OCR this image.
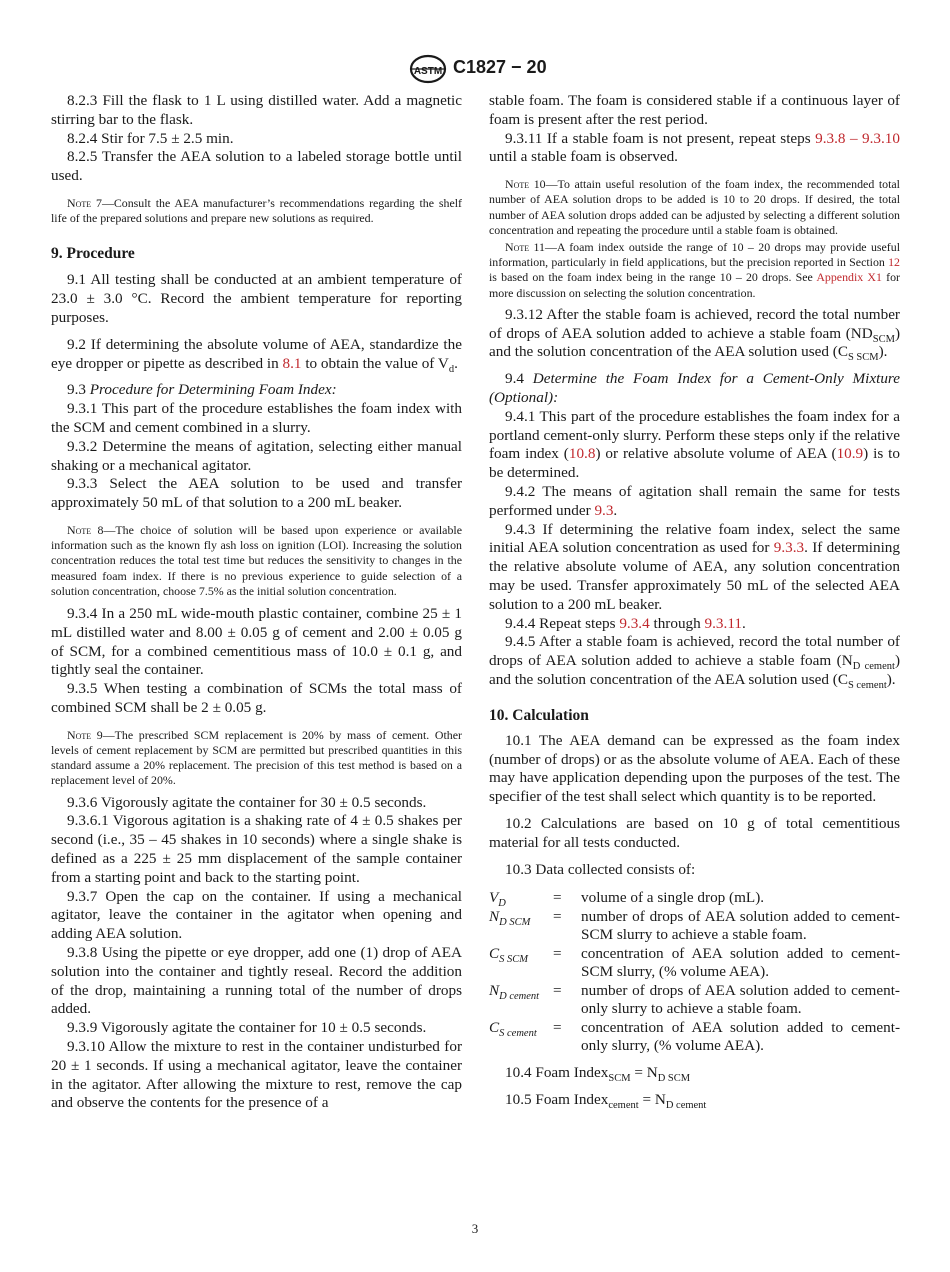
ASTM C1827 − 20

8.2.3 Fill the flask to 1 L using distilled water. Add a magnetic stirring bar to the flask.

8.2.4 Stir for 7.5 ± 2.5 min.

8.2.5 Transfer the AEA solution to a labeled storage bottle until used.

Note 7—Consult the AEA manufacturer’s recommendations regarding the shelf life of the prepared solutions and prepare new solutions as required.

9. Procedure

9.1 All testing shall be conducted at an ambient temperature of 23.0 ± 3.0 °C. Record the ambient temperature for reporting purposes.

9.2 If determining the absolute volume of AEA, standardize the eye dropper or pipette as described in 8.1 to obtain the value of $V_d$.

9.3 Procedure for Determining Foam Index:

9.3.1 This part of the procedure establishes the foam index with the SCM and cement combined in a slurry.

9.3.2 Determine the means of agitation, selecting either manual shaking or a mechanical agitator.

9.3.3 Select the AEA solution to be used and transfer approximately 50 mL of that solution to a 200 mL beaker.

Note 8—The choice of solution will be based upon experience or available information such as the known fly ash loss on ignition (LOI). Increasing the solution concentration reduces the total test time but reduces the sensitivity to changes in the measured foam index. If there is no previous experience to guide selection of a solution concentration, choose 7.5% as the initial solution concentration.

9.3.4 In a 250 mL wide-mouth plastic container, combine 25 ± 1 mL distilled water and 8.00 ± 0.05 g of cement and 2.00 ± 0.05 g of SCM, for a combined cementitious mass of 10.0 ± 0.1 g, and tightly seal the container.

9.3.5 When testing a combination of SCMs the total mass of combined SCM shall be 2 ± 0.05 g.

Note 9—The prescribed SCM replacement is 20% by mass of cement. Other levels of cement replacement by SCM are permitted but prescribed quantities in this standard assume a 20% replacement. The precision of this test method is based on a replacement level of 20%.

9.3.6 Vigorously agitate the container for 30 ± 0.5 seconds.

9.3.6.1 Vigorous agitation is a shaking rate of 4 ± 0.5 shakes per second (i.e., 35 – 45 shakes in 10 seconds) where a single shake is defined as a 225 ± 25 mm displacement of the sample container from a starting point and back to the starting point.

9.3.7 Open the cap on the container. If using a mechanical agitator, leave the container in the agitator when opening and adding AEA solution.

9.3.8 Using the pipette or eye dropper, add one (1) drop of AEA solution into the container and tightly reseal. Record the addition of the drop, maintaining a running total of the number of drops added.

9.3.9 Vigorously agitate the container for 10 ± 0.5 seconds.

9.3.10 Allow the mixture to rest in the container undisturbed for 20 ± 1 seconds. If using a mechanical agitator, leave the container in the agitator. After allowing the mixture to rest, remove the cap and observe the contents for the presence of a

stable foam. The foam is considered stable if a continuous layer of foam is present after the rest period.

9.3.11 If a stable foam is not present, repeat steps 9.3.8 – 9.3.10 until a stable foam is observed.

Note 10—To attain useful resolution of the foam index, the recommended total number of AEA solution drops to be added is 10 to 20 drops. If desired, the total number of AEA solution drops added can be adjusted by selecting a different solution concentration and repeating the procedure until a stable foam is obtained.

Note 11—A foam index outside the range of 10 – 20 drops may provide useful information, particularly in field applications, but the precision reported in Section 12 is based on the foam index being in the range 10 – 20 drops. See Appendix X1 for more discussion on selecting the solution concentration.

9.3.12 After the stable foam is achieved, record the total number of drops of AEA solution added to achieve a stable foam $(ND_{SCM})$ and the solution concentration of the AEA solution used $(C_{S SCM})$.

9.4 Determine the Foam Index for a Cement-Only Mixture (Optional):

9.4.1 This part of the procedure establishes the foam index for a portland cement-only slurry. Perform these steps only if the relative foam index (10.8) or relative absolute volume of AEA (10.9) is to be determined.

9.4.2 The means of agitation shall remain the same for tests performed under 9.3.

9.4.3 If determining the relative foam index, select the same initial AEA solution concentration as used for 9.3.3. If determining the relative absolute volume of AEA, any solution concentration may be used. Transfer approximately 50 mL of the selected AEA solution to a 200 mL beaker.

9.4.4 Repeat steps 9.3.4 through 9.3.11.

9.4.5 After a stable foam is achieved, record the total number of drops of AEA solution added to achieve a stable foam $(N_{D cement})$ and the solution concentration of the AEA solution used $(C_{S cement})$.

10. Calculation

10.1 The AEA demand can be expressed as the foam index (number of drops) or as the absolute volume of AEA. Each of these may have application depending upon the purposes of the test. The specifier of the test shall select which quantity is to be reported.

10.2 Calculations are based on 10 g of total cementitious material for all tests conducted.

10.3 Data collected consists of:

$V_D$	=	volume of a single drop (mL).
$N_{D SCM}$	=	number of drops of AEA solution added to cement-SCM slurry to achieve a stable foam.
$C_{S SCM}$	=	concentration of AEA solution added to cement-SCM slurry, (% volume AEA).
$N_{D cement}$ =	number of drops of AEA solution added to cement-only slurry to achieve a stable foam.
$C_{S cement}$	=	concentration of AEA solution added to cement-only slurry, (% volume AEA).

10.4 Foam Index$_{SCM}$ = $N_{D SCM}$

10.5 Foam Index$_{cement}$ = $N_{D cement}$

3
